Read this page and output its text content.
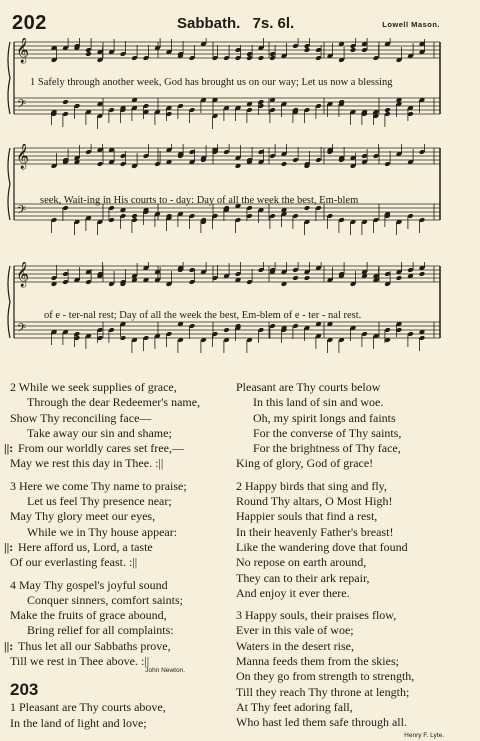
202	Sabbath. 7s. 6l.	Lowell Mason.
𝄞
𝄢
1 Safely through another week, God has brought us on our way; Let us now a blessing
𝄞
𝄢
seek, Wait-ing in His courts to - day: Day of all the week the best, Em-blem
𝄞
𝄢
of e - ter-nal rest; Day of all the week the best, Em-blem of e - ter - nal rest.
2 While we seek supplies of grace,
Through the dear Redeemer's name,
Show Thy reconciling face—
Take away our sin and shame;
||: From our worldly cares set free,—
May we rest this day in Thee. :||
3 Here we come Thy name to praise;
Let us feel Thy presence near;
May Thy glory meet our eyes,
While we in Thy house appear:
||: Here afford us, Lord, a taste
Of our everlasting feast. :||
4 May Thy gospel's joyful sound
Conquer sinners, comfort saints;
Make the fruits of grace abound,
Bring relief for all complaints:
||: Thus let all our Sabbaths prove,
Till we rest in Thee above. :||
John Newton.
203
1 Pleasant are Thy courts above,
In the land of light and love;
Pleasant are Thy courts below
In this land of sin and woe.
Oh, my spirit longs and faints
For the converse of Thy saints,
For the brightness of Thy face,
King of glory, God of grace!
2 Happy birds that sing and fly,
Round Thy altars, O Most High!
Happier souls that find a rest,
In their heavenly Father's breast!
Like the wandering dove that found
No repose on earth around,
They can to their ark repair,
And enjoy it ever there.
3 Happy souls, their praises flow,
Ever in this vale of woe;
Waters in the desert rise,
Manna feeds them from the skies;
On they go from strength to strength,
Till they reach Thy throne at length;
At Thy feet adoring fall,
Who hast led them safe through all.
Henry F. Lyte.
